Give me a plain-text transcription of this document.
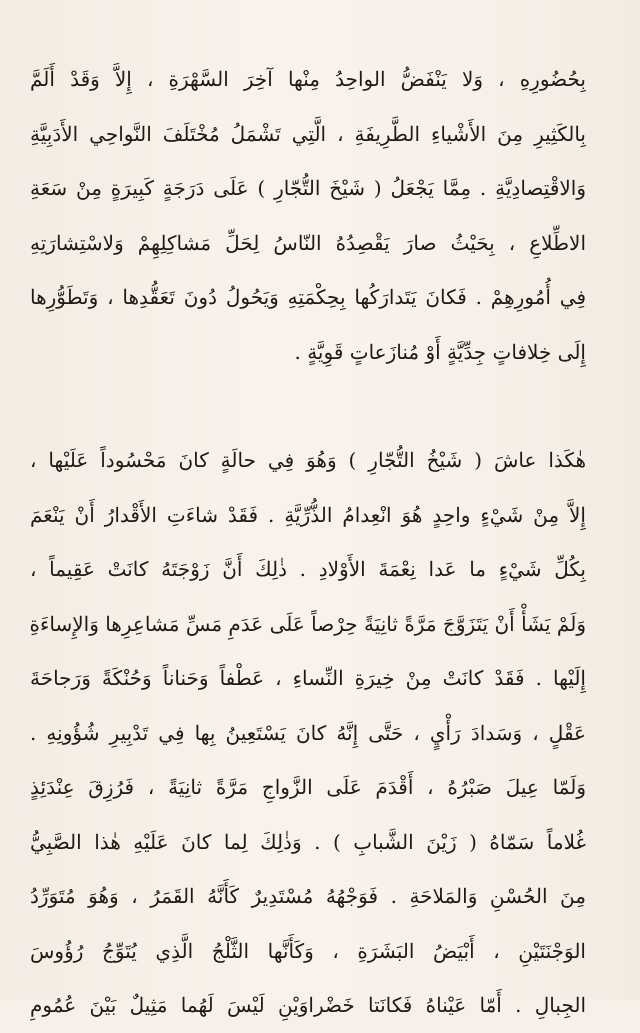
بِحُضُورِهِ ، وَلا يَنْفَضُّ الواحِدُ مِنْها آخِرَ السَّهْرَةِ ، إِلاَّ وَقَدْ أَلَمَّ
بِالكَثِيرِ مِنَ الأَشْياءِ الطَّرِيفَةِ ، الَّتِي تَشْمَلُ مُخْتَلَفَ النَّواحِي الأَدَبِيَّةِ
وَالاقْتِصادِيَّةِ . مِمَّا يَجْعَلُ ( شَيْخَ التُّجّارِ ) عَلَى دَرَجَةٍ كَبِيرَةٍ مِنْ سَعَةِ
الاطِّلاعِ ، بِحَيْثُ صارَ يَقْصِدُهُ النّاسُ لِحَلِّ مَشاكِلِهِمْ وَلاسْتِشارَتِهِ
فِي أُمُورِهِمْ . فَكانَ يَتَدارَكُها بِحِكْمَتِهِ وَيَحُولُ دُونَ تَعَقُّدِها ، وَتَطَوُّرِها
إِلَى خِلافاتٍ جِدِّيَّةٍ أَوْ مُنازَعاتٍ قَوِيَّةٍ .
هٰكَذا عاشَ ( شَيْخُ التُّجّارِ ) وَهُوَ فِي حالَةٍ كانَ مَحْسُوداً عَلَيْها ،
إِلاَّ مِنْ شَيْءٍ واحِدٍ هُوَ انْعِدامُ الذُّرِّيَّةِ . فَقَدْ شاءَتِ الأَقْدارُ أَنْ يَنْعَمَ
بِكُلِّ شَيْءٍ ما عَدا نِعْمَةَ الأَوْلادِ . ذٰلِكَ أَنَّ زَوْجَتَهُ كانَتْ عَقِيماً ،
وَلَمْ يَشَأْ أَنْ يَتَزَوَّجَ مَرَّةً ثانِيَةً حِرْصاً عَلَى عَدَمِ مَسِّ مَشاعِرِها وَالإِساءَةِ
إِلَيْها . فَقَدْ كانَتْ مِنْ خِيرَةِ النِّساءِ ، عَطْفاً وَحَناناً وَحُنْكَةً وَرَجاحَةَ
عَقْلٍ ، وَسَدادَ رَأْيٍ ، حَتَّى إِنَّهُ كانَ يَسْتَعِينُ بِها فِي تَدْبِيرِ شُؤُونِهِ .
وَلَمّا عِيلَ صَبْرُهُ ، أَقْدَمَ عَلَى الزَّواجِ مَرَّةً ثانِيَةً ، فَرُزِقَ عِنْدَئِذٍ
غُلاماً سَمّاهُ ( زَيْنَ الشَّبابِ ) . وَذٰلِكَ لِما كانَ عَلَيْهِ هٰذا الصَّبِيُّ
مِنَ الحُسْنِ وَالمَلاحَةِ . فَوَجْهُهُ مُسْتَدِيرٌ كَأَنَّهُ القَمَرُ ، وَهُوَ مُتَوَرِّدُ
الوَجْنَتَيْنِ ، أَبْيَضُ البَشَرَةِ ، وَكَأَنَّها الثَّلْجُ الَّذِي يُتَوِّجُ رُؤُوسَ
الجِبالِ . أَمّا عَيْناهُ فَكانَتا خَضْراوَيْنِ لَيْسَ لَهُما مَثِيلٌ بَيْنَ عُمُومِ
